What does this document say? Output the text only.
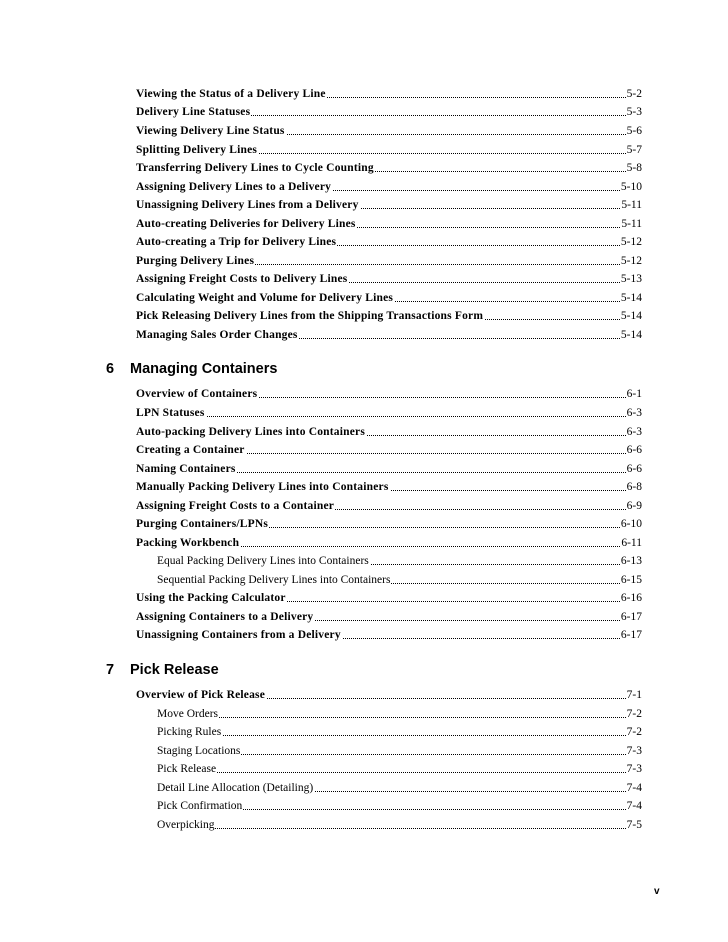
Viewing the Status of a Delivery Line	5-2
Delivery Line Statuses	5-3
Viewing Delivery Line Status	5-6
Splitting Delivery Lines	5-7
Transferring Delivery Lines to Cycle Counting	5-8
Assigning Delivery Lines to a Delivery	5-10
Unassigning Delivery Lines from a Delivery	5-11
Auto-creating Deliveries for Delivery Lines	5-11
Auto-creating a Trip for Delivery Lines	5-12
Purging Delivery Lines	5-12
Assigning Freight Costs to Delivery Lines	5-13
Calculating Weight and Volume for Delivery Lines	5-14
Pick Releasing Delivery Lines from the Shipping Transactions Form	5-14
Managing Sales Order Changes	5-14
6 Managing Containers
Overview of Containers	6-1
LPN Statuses	6-3
Auto-packing Delivery Lines into Containers	6-3
Creating a Container	6-6
Naming Containers	6-6
Manually Packing Delivery Lines into Containers	6-8
Assigning Freight Costs to a Container	6-9
Purging Containers/LPNs	6-10
Packing Workbench	6-11
Equal Packing Delivery Lines into Containers	6-13
Sequential Packing Delivery Lines into Containers	6-15
Using the Packing Calculator	6-16
Assigning Containers to a Delivery	6-17
Unassigning Containers from a Delivery	6-17
7 Pick Release
Overview of Pick Release	7-1
Move Orders	7-2
Picking Rules	7-2
Staging Locations	7-3
Pick Release	7-3
Detail Line Allocation (Detailing)	7-4
Pick Confirmation	7-4
Overpicking	7-5
v
